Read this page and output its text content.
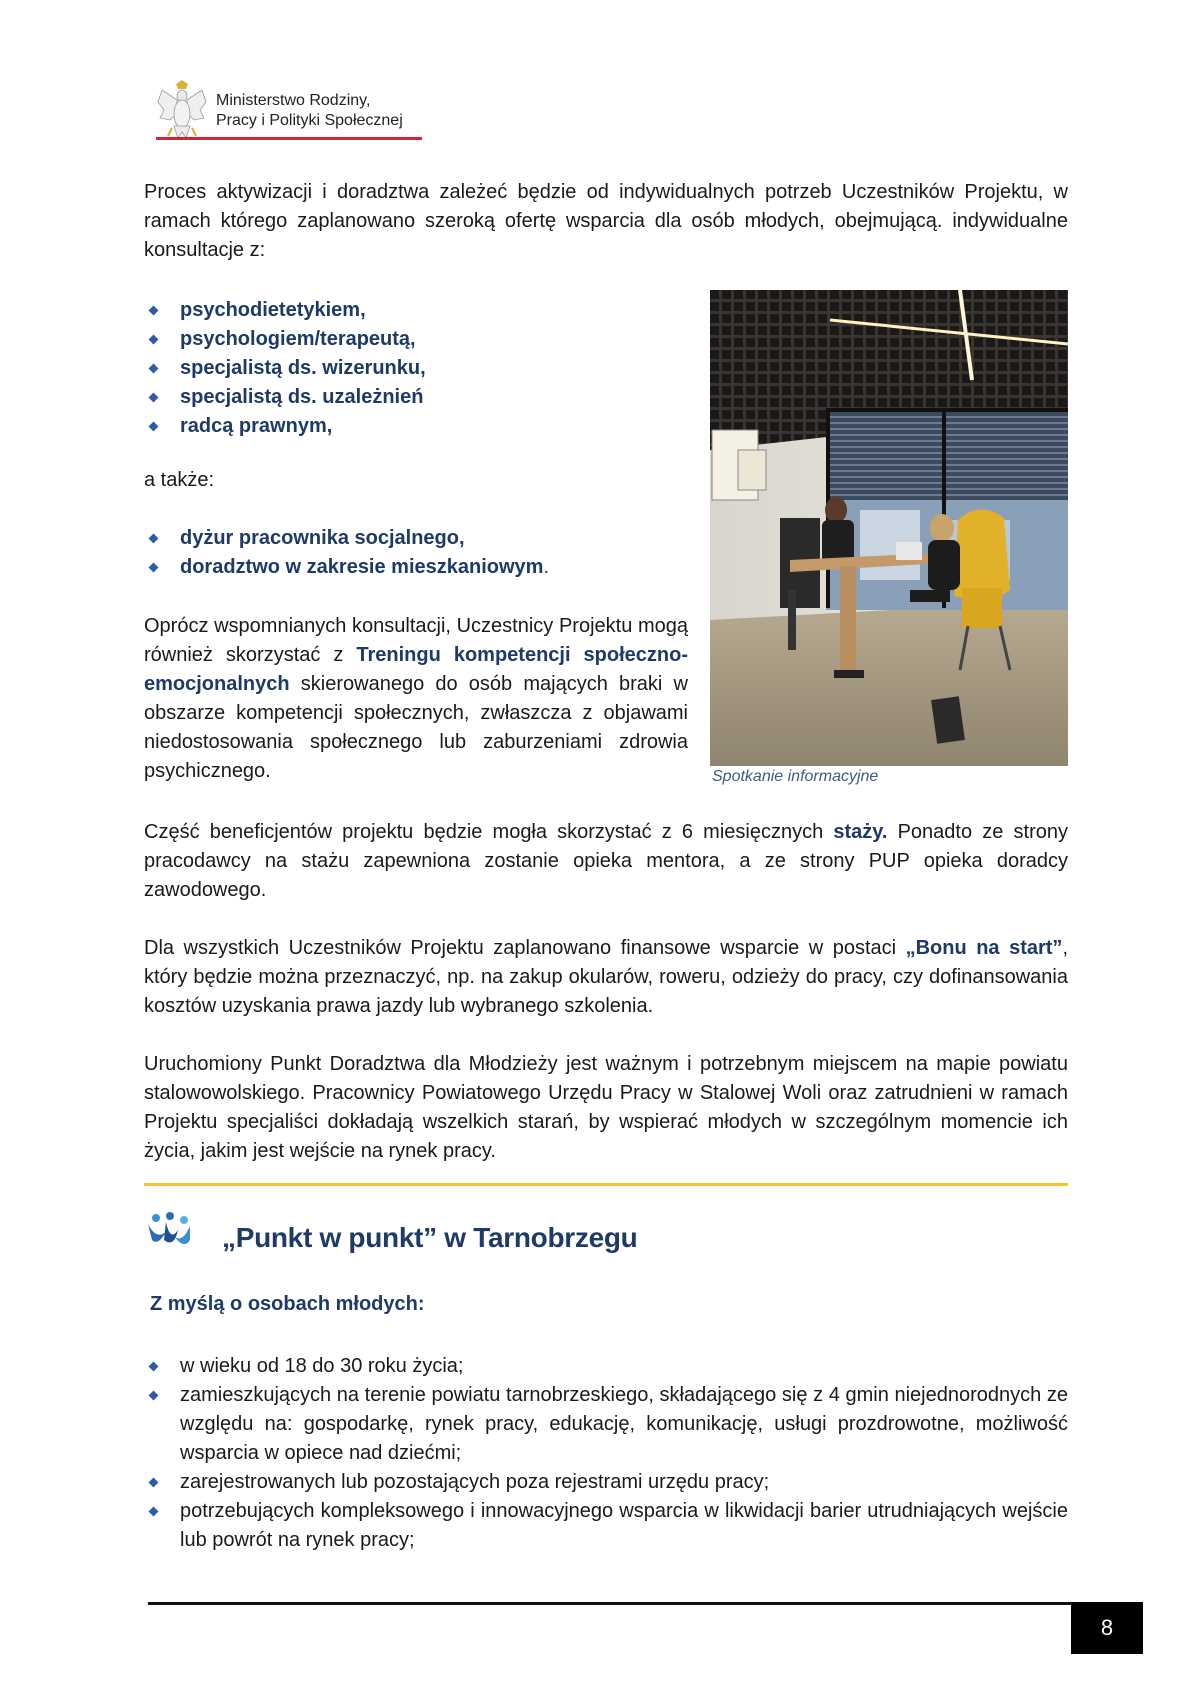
Ministerstwo Rodziny,
Pracy i Polityki Społecznej

Proces aktywizacji i doradztwa zależeć będzie od indywidualnych potrzeb Uczestników Projektu, w ramach którego zaplanowano szeroką ofertę wsparcia dla osób młodych, obejmującą. indywidualne konsultacje z:

psychodietetykiem,
psychologiem/terapeutą,
specjalistą ds. wizerunku,
specjalistą ds. uzależnień
radcą prawnym,

a także:

dyżur pracownika socjalnego,
doradztwo w zakresie mieszkaniowym.

Oprócz wspomnianych konsultacji, Uczestnicy Projektu mogą również skorzystać z Treningu kompetencji społeczno-emocjonalnych skierowanego do osób mających braki w obszarze kompetencji społecznych, zwłaszcza z objawami niedostosowania społecznego lub zaburzeniami zdrowia psychicznego.	Spotkanie informacyjne

Część beneficjentów projektu będzie mogła skorzystać z 6 miesięcznych staży. Ponadto ze strony pracodawcy na stażu zapewniona zostanie opieka mentora, a ze strony PUP opieka doradcy zawodowego.

Dla wszystkich Uczestników Projektu zaplanowano finansowe wsparcie w postaci „Bonu na start”, który będzie można przeznaczyć, np. na zakup okularów, roweru, odzieży do pracy, czy dofinansowania kosztów uzyskania prawa jazdy lub wybranego szkolenia.

Uruchomiony Punkt Doradztwa dla Młodzieży jest ważnym i potrzebnym miejscem na mapie powiatu stalowowolskiego. Pracownicy Powiatowego Urzędu Pracy w Stalowej Woli oraz zatrudnieni w ramach Projektu specjaliści dokładają wszelkich starań, by wspierać młodych w szczególnym momencie ich życia, jakim jest wejście na rynek pracy.

„Punkt w punkt” w Tarnobrzegu
Z myślą o osobach młodych:
w wieku od 18 do 30 roku życia;
zamieszkujących na terenie powiatu tarnobrzeskiego, składającego się z 4 gmin niejednorodnych ze względu na: gospodarkę, rynek pracy, edukację, komunikację, usługi prozdrowotne, możliwość wsparcia w opiece nad dziećmi;
zarejestrowanych lub pozostających poza rejestrami urzędu pracy;
potrzebujących kompleksowego i innowacyjnego wsparcia w likwidacji barier utrudniających wejście lub powrót na rynek pracy;
8
